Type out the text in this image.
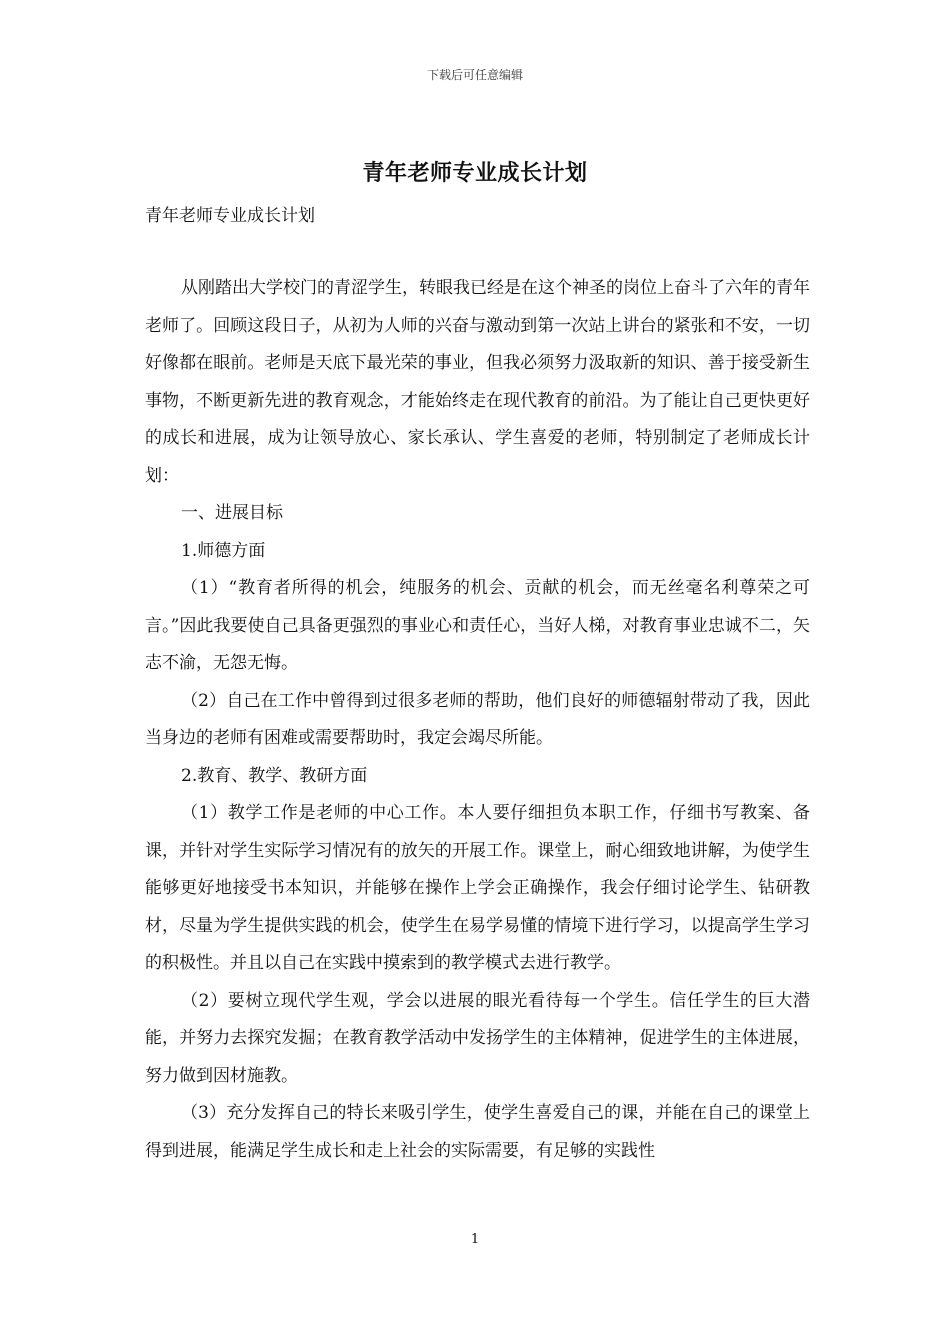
下载后可任意编辑
青年老师专业成长计划
青年老师专业成长计划

从刚踏出大学校门的青涩学生，转眼我已经是在这个神圣的岗位上奋斗了六年的青年老师了。回顾这段日子，从初为人师的兴奋与激动到第一次站上讲台的紧张和不安，一切好像都在眼前。老师是天底下最光荣的事业，但我必须努力汲取新的知识、善于接受新生事物，不断更新先进的教育观念，才能始终走在现代教育的前沿。为了能让自己更快更好的成长和进展，成为让领导放心、家长承认、学生喜爱的老师，特别制定了老师成长计划：

一、进展目标

1.师德方面

（1）“教育者所得的机会，纯服务的机会、贡献的机会，而无丝毫名利尊荣之可言。”因此我要使自己具备更强烈的事业心和责任心，当好人梯，对教育事业忠诚不二，矢志不渝，无怨无悔。

（2）自己在工作中曾得到过很多老师的帮助，他们良好的师德辐射带动了我，因此当身边的老师有困难或需要帮助时，我定会竭尽所能。

2.教育、教学、教研方面

（1）教学工作是老师的中心工作。本人要仔细担负本职工作，仔细书写教案、备课，并针对学生实际学习情况有的放矢的开展工作。课堂上，耐心细致地讲解，为使学生能够更好地接受书本知识，并能够在操作上学会正确操作，我会仔细讨论学生、钻研教材，尽量为学生提供实践的机会，使学生在易学易懂的情境下进行学习，以提高学生学习的积极性。并且以自己在实践中摸索到的教学模式去进行教学。

（2）要树立现代学生观，学会以进展的眼光看待每一个学生。信任学生的巨大潜能，并努力去探究发掘；在教育教学活动中发扬学生的主体精神，促进学生的主体进展，努力做到因材施教。

（3）充分发挥自己的特长来吸引学生，使学生喜爱自己的课，并能在自己的课堂上得到进展，能满足学生成长和走上社会的实际需要，有足够的实践性

1
